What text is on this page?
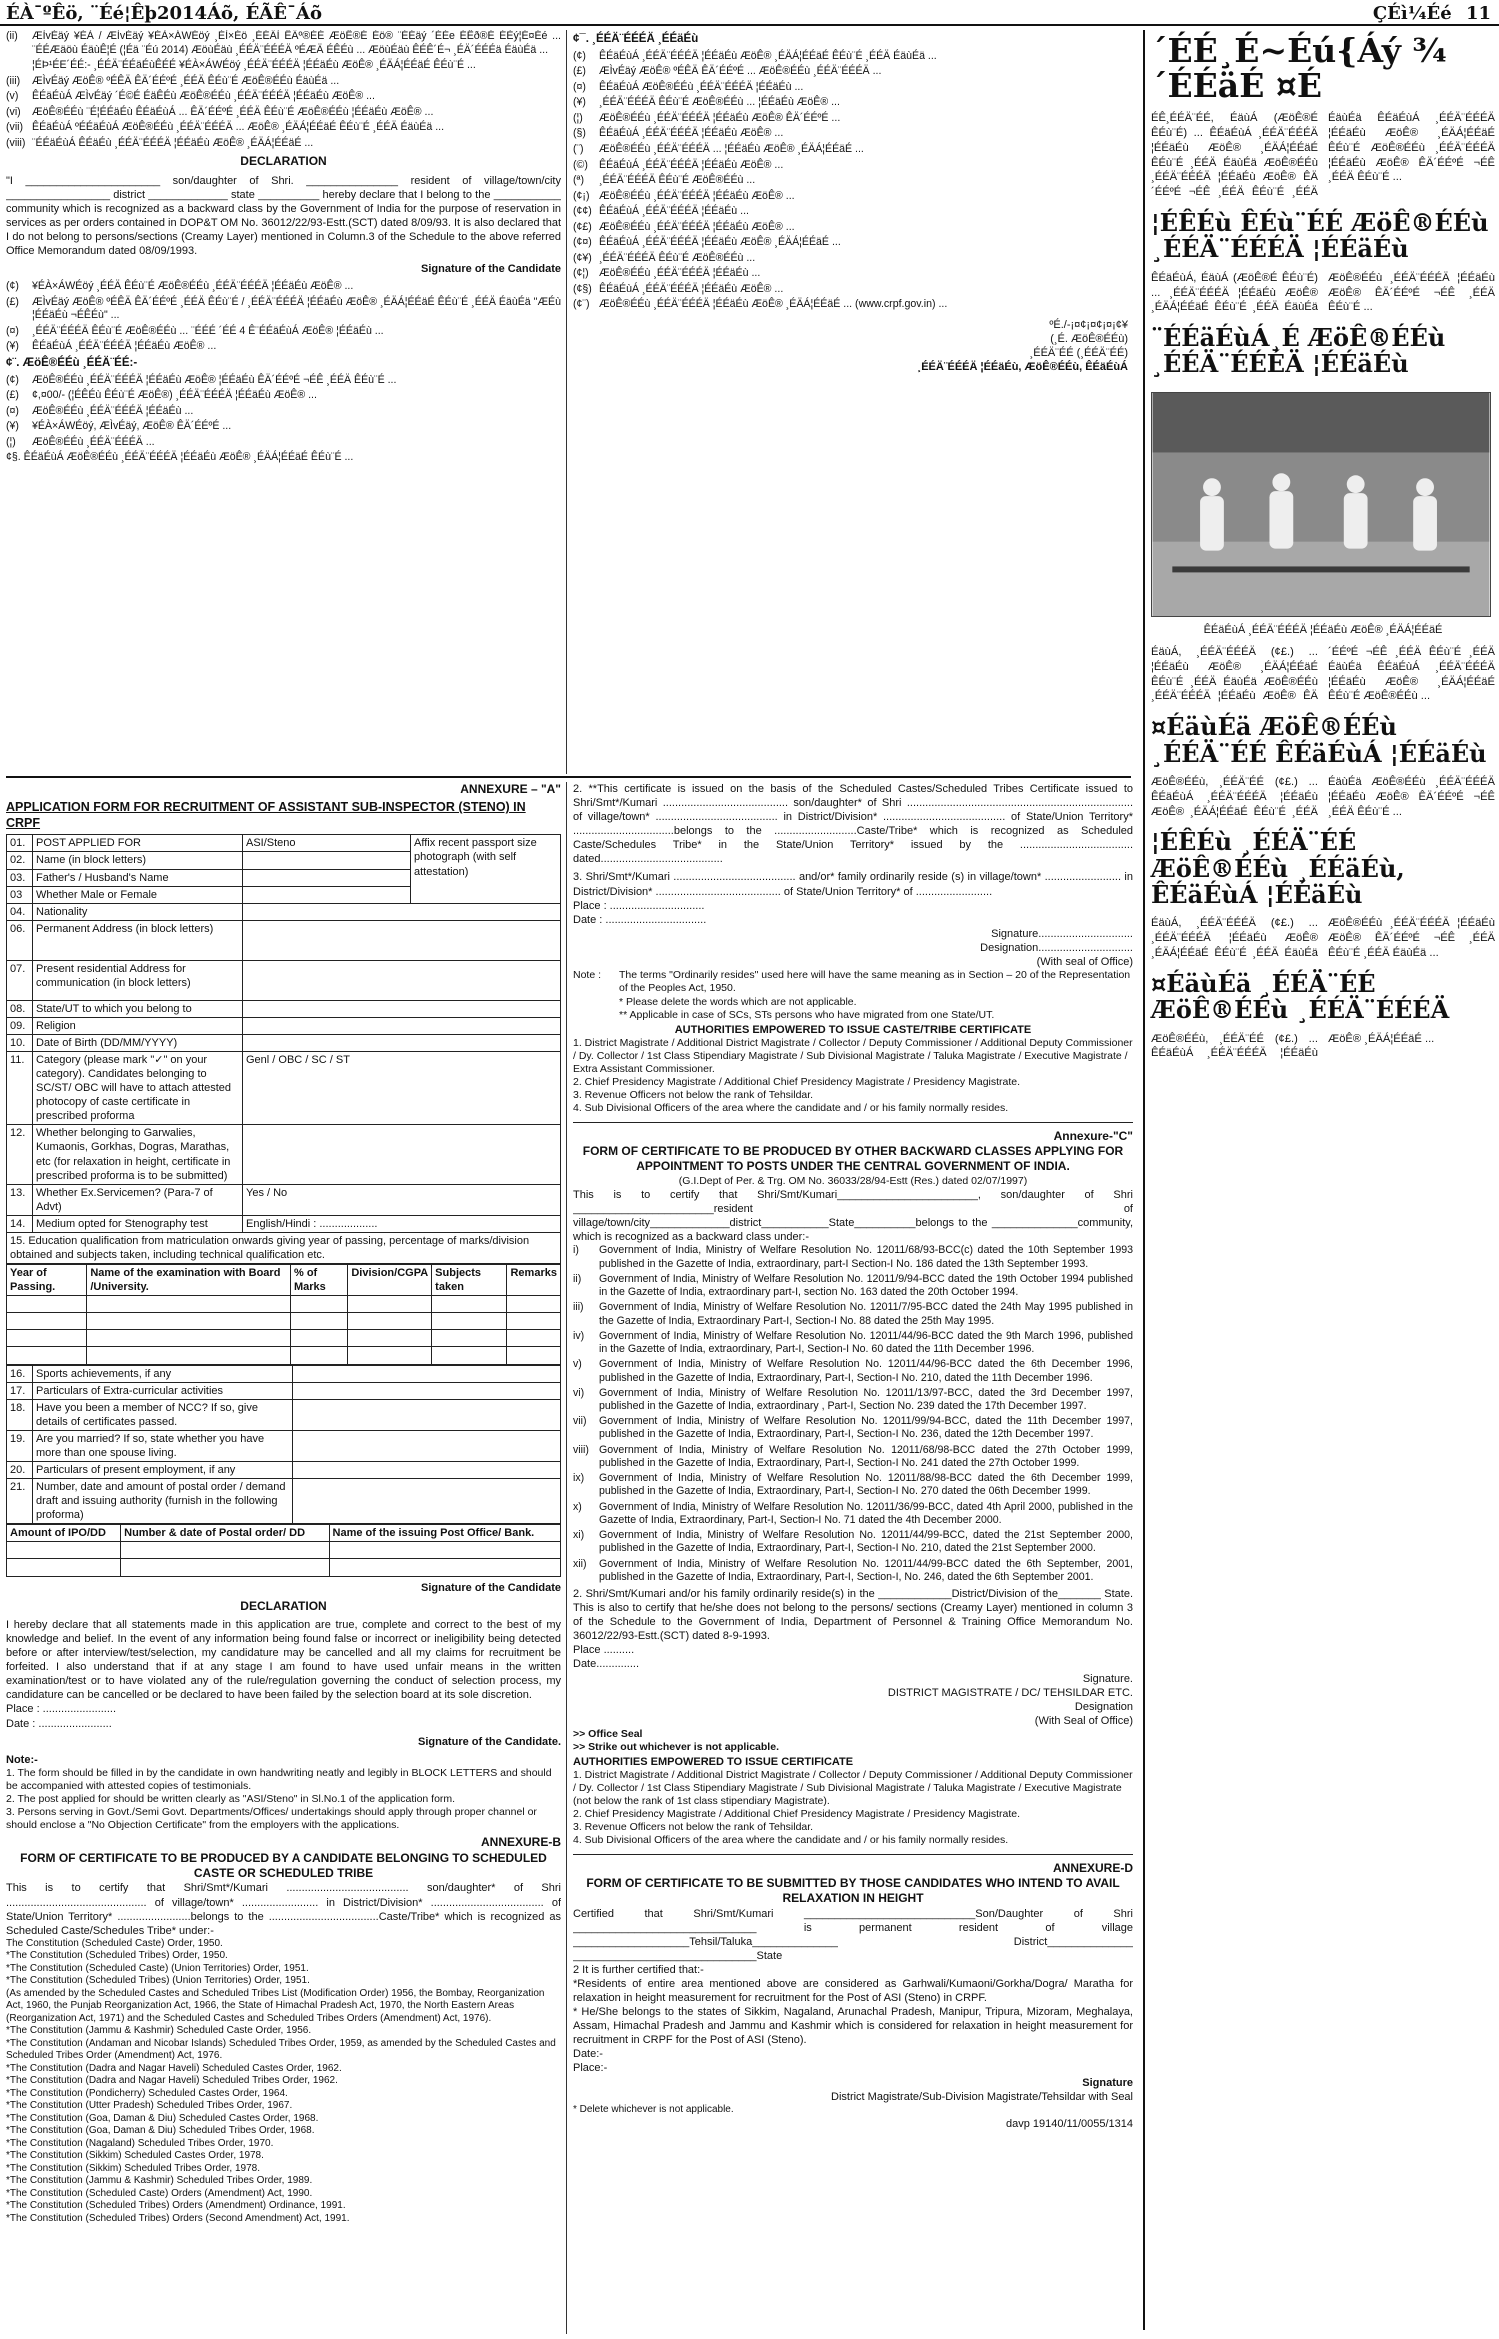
ÉÀ¯ºÊö, ¨Éé¦Êþ2014Áõ, ÉÃÊ¯Áõ	ÇÉì¼Éé 11
(ii)	ÆÌvÉäý ¥ÉÀ / ÆÌvÉäý ¥ÉÀ×ÁWÉöý ¸ÉÌ×Éö ¸ÉÉÄÌ ÊÄº®ÉÉ ÆöÊ®É Éö® ¨ÉÉäý ´ÉÉe ÉÊð®É ÉÈý¦É¤Éé ... ¨ÉÉÆäöù ÉäùÊ¦É (¦Éä ¨Éú 2014) ÆöùÉäù ¸ÉÉÄ¨ÉÉÉÄ ºÉÆÄ ÉÊÉù ... ÆöùÉäù ÊÉÊ´É¬ ¸ÉÄ´ÉÉÉä ÉäùÉä ...
¦ÉÞ¹ÉE´ÉÉ:- ¸ÉÉÄ¨ÉÉäÉùÊÉÉ ¥ÉÀ×ÁWÉöý ¸ÉÉÄ¨ÉÉÉÄ ¦ÉÉäÉù ÆöÊ® ¸ÉÄÁ¦ÉÉäÉ ÊÉù¨É ...
(iii)	ÆÌvÉäý ÆöÊ® ºÉÊÄ ÊÄ´ÉÉºÉ ¸ÉÉÄ ÊÉù¨É ÆöÊ®ÉÉù ÉäùÉä ...
(v)	ÊÉäÉùÁ ÆÌvÉäý ´É©É ÉäÊÉù ÆöÊ®ÉÉù ¸ÉÉÄ¨ÉÉÉÄ ¦ÉÉäÉù ÆöÊ® ...
(vi)	ÆöÊ®ÉÉù ¨É¦ÉÉäÉù ÊÉäÉùÁ ... ÊÄ´ÉÉºÉ ¸ÉÉÄ ÊÉù¨É ÆöÊ®ÉÉù ¦ÉÉäÉù ÆöÊ® ...
(vii) ÊÉäÉùÁ ºÉÉäÉùÁ ÆöÊ®ÉÉù ¸ÉÉÄ¨ÉÉÉÄ ... ÆöÊ® ¸ÉÄÁ¦ÉÉäÉ ÊÉù¨É ¸ÉÉÄ ÉäùÉä ...
(viii) ¨ÉÉäÉùÁ ÊÉäÉù ¸ÉÉÄ¨ÉÉÉÄ ¦ÉÉäÉù ÆöÊ® ¸ÉÄÁ¦ÉÉäÉ ...
DECLARATION
"I ______________________ son/daughter of Shri. _______________ resident of village/town/city _________________ district _____________ state __________ hereby declare that I belong to the ___________ community which is recognized as a backward class by the Government of India for the purpose of reservation in services as per orders contained in DOP&T OM No. 36012/22/93-Estt.(SCT) dated 8/09/93. It is also declared that I do not belong to persons/sections (Creamy Layer) mentioned in Column.3 of the Schedule to the above referred Office Memorandum dated 08/09/1993.
Signature of the Candidate
(¢)	¥ÉÀ×ÁWÉöý ¸ÉÉÄ ÊÉù¨É ÆöÊ®ÉÉù ¸ÉÉÄ¨ÉÉÉÄ ¦ÉÉäÉù ÆöÊ® ...
(£)	ÆÌvÉäý ÆöÊ® ºÉÊÄ ÊÄ´ÉÉºÉ ¸ÉÉÄ ÊÉù¨É / ¸ÉÉÄ¨ÉÉÉÄ ¦ÉÉäÉù ÆöÊ® ¸ÉÄÁ¦ÉÉäÉ ÊÉù¨É ¸ÉÉÄ ÉäùÉä "ÆÉù ¦ÉÉäÉù ¬ÉÊÉù" ...
(¤)	¸ÉÉÄ¨ÉÉÉÄ ÊÉù¨É ÆöÊ®ÉÉù ... ¨ÉÉÉ ´ÉÉ 4 Ê¨ÉÉäÉùÁ ÆöÊ® ¦ÉÉäÉù ...
(¥)	ÊÉäÉùÁ ¸ÉÉÄ¨ÉÉÉÄ ¦ÉÉäÉù ÆöÊ® ...
¢¨. ÆöÊ®ÉÉù ¸ÉÉÄ¨ÉÉ:-
(¢)	ÆöÊ®ÉÉù ¸ÉÉÄ¨ÉÉÉÄ ¦ÉÉäÉù ÆöÊ® ¦ÉÉäÉù ÊÄ´ÉÉºÉ ¬ÉÊ ¸ÉÉÄ ÊÉù¨É ...
(£)	¢,¤00/- (¦ÉÊÉù ÊÉù¨É ÆöÊ®) ¸ÉÉÄ¨ÉÉÉÄ ¦ÉÉäÉù ÆöÊ® ...
(¤)	ÆöÊ®ÉÉù ¸ÉÉÄ¨ÉÉÉÄ ¦ÉÉäÉù ...
(¥)	¥ÉÀ×ÁWÉöý, ÆÌvÉäý, ÆöÊ® ÊÄ´ÉÉºÉ ...
(¦)	ÆöÊ®ÉÉù ¸ÉÉÄ¨ÉÉÉÄ ...
¢§. ÊÉäÉùÁ ÆöÊ®ÉÉù ¸ÉÉÄ¨ÉÉÉÄ ¦ÉÉäÉù ÆöÊ® ¸ÉÄÁ¦ÉÉäÉ ÊÉù¨É ...
¢¯. ¸ÉÉÄ¨ÉÉÉÄ ¸ÉÉäÉù
(¢)	ÊÉäÉùÁ ¸ÉÉÄ¨ÉÉÉÄ ¦ÉÉäÉù ÆöÊ® ¸ÉÄÁ¦ÉÉäÉ ÊÉù¨É ¸ÉÉÄ ÉäùÉä ...
(£)	ÆÌvÉäý ÆöÊ® ºÉÊÄ ÊÄ´ÉÉºÉ ... ÆöÊ®ÉÉù ¸ÉÉÄ¨ÉÉÉÄ ...
(¤)	ÊÉäÉùÁ ÆöÊ®ÉÉù ¸ÉÉÄ¨ÉÉÉÄ ¦ÉÉäÉù ...
(¥)	¸ÉÉÄ¨ÉÉÉÄ ÊÉù¨É ÆöÊ®ÉÉù ... ¦ÉÉäÉù ÆöÊ® ...
(¦)	ÆöÊ®ÉÉù ¸ÉÉÄ¨ÉÉÉÄ ¦ÉÉäÉù ÆöÊ® ÊÄ´ÉÉºÉ ...
(§)	ÊÉäÉùÁ ¸ÉÉÄ¨ÉÉÉÄ ¦ÉÉäÉù ÆöÊ® ...
(¨)	ÆöÊ®ÉÉù ¸ÉÉÄ¨ÉÉÉÄ ... ¦ÉÉäÉù ÆöÊ® ¸ÉÄÁ¦ÉÉäÉ ...
(©)	ÊÉäÉùÁ ¸ÉÉÄ¨ÉÉÉÄ ¦ÉÉäÉù ÆöÊ® ...
(ª)	¸ÉÉÄ¨ÉÉÉÄ ÊÉù¨É ÆöÊ®ÉÉù ...
(¢¡) ÆöÊ®ÉÉù ¸ÉÉÄ¨ÉÉÉÄ ¦ÉÉäÉù ÆöÊ® ...
(¢¢) ÊÉäÉùÁ ¸ÉÉÄ¨ÉÉÉÄ ¦ÉÉäÉù ...
(¢£) ÆöÊ®ÉÉù ¸ÉÉÄ¨ÉÉÉÄ ¦ÉÉäÉù ÆöÊ® ...
(¢¤) ÊÉäÉùÁ ¸ÉÉÄ¨ÉÉÉÄ ¦ÉÉäÉù ÆöÊ® ¸ÉÄÁ¦ÉÉäÉ ...
(¢¥) ¸ÉÉÄ¨ÉÉÉÄ ÊÉù¨É ÆöÊ®ÉÉù ...
(¢¦) ÆöÊ®ÉÉù ¸ÉÉÄ¨ÉÉÉÄ ¦ÉÉäÉù ...
(¢§) ÊÉäÉùÁ ¸ÉÉÄ¨ÉÉÉÄ ¦ÉÉäÉù ÆöÊ® ...
(¢¨) ÆöÊ®ÉÉù ¸ÉÉÄ¨ÉÉÉÄ ¦ÉÉäÉù ÆöÊ® ¸ÉÄÁ¦ÉÉäÉ ... (www.crpf.gov.in) ...
ºÉ./-¡¤¢¡¤¢¡¤¡¢¥
(¸É. ÆöÊ®ÉÉù)
¸ÉÉÄ¨ÉÉ (¸ÉÉÄ¨ÉÉ)
¸ÉÉÄ¨ÉÉÉÄ ¦ÉÉäÉù, ÆöÊ®ÉÉù, ÊÉäÉùÁ
ANNEXURE – "A"
APPLICATION FORM FOR RECRUITMENT OF ASSISTANT SUB-INSPECTOR (STENO) IN CRPF
01.	POST APPLIED FOR	ASI/Steno	Affix recent passport size photograph (with self attestation)
02.	Name (in block letters)		
03.	Father's / Husband's Name		
03	Whether Male or Female		
04.	Nationality		
06.	Permanent Address (in block letters)		
07.	Present residential Address for communication (in block letters)		
08.	State/UT to which you belong to		
09.	Religion		
10.	Date of Birth (DD/MM/YYYY)		
11.	Category (please mark "✓" on your category). Candidates belonging to SC/ST/ OBC will have to attach attested photocopy of caste certificate in prescribed proforma	Genl / OBC / SC / ST	
12.	Whether belonging to Garwalies, Kumaonis, Gorkhas, Dogras, Marathas, etc (for relaxation in height, certificate in prescribed proforma is to be submitted)		
13.	Whether Ex.Servicemen? (Para-7 of Advt)	Yes / No	
14.	Medium opted for Stenography test	English/Hindi : ...................	
15. Education qualification from matriculation onwards giving year of passing, percentage of marks/division obtained and subjects taken, including technical qualification etc.
Year of Passing.	Name of the examination with Board /University.	% of Marks	Division/CGPA	Subjects taken	Remarks

16.	Sports achievements, if any	
17.	Particulars of Extra-curricular activities	
18.	Have you been a member of NCC? If so, give details of certificates passed.	
19.	Are you married? If so, state whether you have more than one spouse living.	
20.	Particulars of present employment, if any	
21.	Number, date and amount of postal order / demand draft and issuing authority (furnish in the following proforma)	
Amount of IPO/DD	Number & date of Postal order/ DD	Name of the issuing Post Office/ Bank.

Signature of the Candidate
DECLARATION
I hereby declare that all statements made in this application are true, complete and correct to the best of my knowledge and belief. In the event of any information being found false or incorrect or ineligibility being detected before or after interview/test/selection, my candidature may be cancelled and all my claims for recruitment be forfeited. I also understand that if at any stage I am found to have used unfair means in the written examination/test or to have violated any of the rule/regulation governing the conduct of selection process, my candidature can be cancelled or be declared to have been failed by the selection board at its sole discretion.
Place : ........................
Date : ........................
Signature of the Candidate.
Note:-
1. The form should be filled in by the candidate in own handwriting neatly and legibly in BLOCK LETTERS and should be accompanied with attested copies of testimonials.
2. The post applied for should be written clearly as "ASI/Steno" in Sl.No.1 of the application form.
3. Persons serving in Govt./Semi Govt. Departments/Offices/ undertakings should apply through proper channel or should enclose a "No Objection Certificate" from the employers with the applications.
ANNEXURE-B
FORM OF CERTIFICATE TO BE PRODUCED BY A CANDIDATE BELONGING TO SCHEDULED CASTE OR SCHEDULED TRIBE
This is to certify that Shri/Smt*/Kumari ........................................ son/daughter* of Shri .............................................. of village/town* ......................... in District/Division* ..................................... of State/Union Territory* ........................belongs to the ....................................Caste/Tribe* which is recognized as Scheduled Caste/Schedules Tribe* under:-
The Constitution (Scheduled Caste) Order, 1950.
*The Constitution (Scheduled Tribes) Order, 1950.
*The Constitution (Scheduled Caste) (Union Territories) Order, 1951.
*The Constitution (Scheduled Tribes) (Union Territories) Order, 1951.
(As amended by the Scheduled Castes and Scheduled Tribes List (Modification Order) 1956, the Bombay, Reorganization Act, 1960, the Punjab Reorganization Act, 1966, the State of Himachal Pradesh Act, 1970, the North Eastern Areas (Reorganization Act, 1971) and the Scheduled Castes and Scheduled Tribes Orders (Amendment) Act, 1976).
*The Constitution (Jammu & Kashmir) Scheduled Caste Order, 1956.
*The Constitution (Andaman and Nicobar Islands) Scheduled Tribes Order, 1959, as amended by the Scheduled Castes and Scheduled Tribes Order (Amendment) Act, 1976.
*The Constitution (Dadra and Nagar Haveli) Scheduled Castes Order, 1962.
*The Constitution (Dadra and Nagar Haveli) Scheduled Tribes Order, 1962.
*The Constitution (Pondicherry) Scheduled Castes Order, 1964.
*The Constitution (Utter Pradesh) Scheduled Tribes Order, 1967.
*The Constitution (Goa, Daman & Diu) Scheduled Castes Order, 1968.
*The Constitution (Goa, Daman & Diu) Scheduled Tribes Order, 1968.
*The Constitution (Nagaland) Scheduled Tribes Order, 1970.
*The Constitution (Sikkim) Scheduled Castes Order, 1978.
*The Constitution (Sikkim) Scheduled Tribes Order, 1978.
*The Constitution (Jammu & Kashmir) Scheduled Tribes Order, 1989.
*The Constitution (Scheduled Caste) Orders (Amendment) Act, 1990.
*The Constitution (Scheduled Tribes) Orders (Amendment) Ordinance, 1991.
*The Constitution (Scheduled Tribes) Orders (Second Amendment) Act, 1991.
2. **This certificate is issued on the basis of the Scheduled Castes/Scheduled Tribes Certificate issued to Shri/Smt*/Kumari ......................................... son/daughter* of Shri .......................................................................... of village/town* ........................................ in District/Division* ........................................ of State/Union Territory* .................................belongs to the ...........................Caste/Tribe* which is recognized as Scheduled Caste/Schedules Tribe* in the State/Union Territory* issued by the ..................................... dated........................................
3. Shri/Smt*/Kumari ........................................ and/or* family ordinarily reside (s) in village/town* ......................... in District/Division* ......................................... of State/Union Territory* of .........................
Place : ...............................
Date : .................................
Signature...............................
Designation...............................
(With seal of Office)
Note :	The terms "Ordinarily resides" used here will have the same meaning as in Section – 20 of the Representation of the Peoples Act, 1950.
* Please delete the words which are not applicable.
** Applicable in case of SCs, STs persons who have migrated from one State/UT.
AUTHORITIES EMPOWERED TO ISSUE CASTE/TRIBE CERTIFICATE
1. District Magistrate / Additional District Magistrate / Collector / Deputy Commissioner / Additional Deputy Commissioner / Dy. Collector / 1st Class Stipendiary Magistrate / Sub Divisional Magistrate / Taluka Magistrate / Executive Magistrate / Extra Assistant Commissioner.
2. Chief Presidency Magistrate / Additional Chief Presidency Magistrate / Presidency Magistrate.
3. Revenue Officers not below the rank of Tehsildar.
4. Sub Divisional Officers of the area where the candidate and / or his family normally resides.
Annexure-"C"
FORM OF CERTIFICATE TO BE PRODUCED BY OTHER BACKWARD CLASSES APPLYING FOR APPOINTMENT TO POSTS UNDER THE CENTRAL GOVERNMENT OF INDIA.
(G.I.Dept of Per. & Trg. OM No. 36033/28/94-Estt (Res.) dated 02/07/1997)
This is to certify that Shri/Smt/Kumari_______________________, son/daughter of Shri _______________________resident of village/town/city_____________district___________State__________belongs to the ______________community, which is recognized as a backward class under:-
i)	Government of India, Ministry of Welfare Resolution No. 12011/68/93-BCC(c) dated the 10th September 1993 published in the Gazette of India, extraordinary, part-I Section-I No. 186 dated the 13th September 1993.
ii)	Government of India, Ministry of Welfare Resolution No. 12011/9/94-BCC dated the 19th October 1994 published in the Gazette of India, extraordinary part-I, section No. 163 dated the 20th October 1994.
iii)	Government of India, Ministry of Welfare Resolution No. 12011/7/95-BCC dated the 24th May 1995 published in the Gazette of India, Extraordinary Part-I, Section-I No. 88 dated the 25th May 1995.
iv)	Government of India, Ministry of Welfare Resolution No. 12011/44/96-BCC dated the 9th March 1996, published in the Gazette of India, extraordinary, Part-I, Section-I No. 60 dated the 11th December 1996.
v)	Government of India, Ministry of Welfare Resolution No. 12011/44/96-BCC dated the 6th December 1996, published in the Gazette of India, Extraordinary, Part-I, Section-I No. 210, dated the 11th December 1996.
vi)	Government of India, Ministry of Welfare Resolution No. 12011/13/97-BCC, dated the 3rd December 1997, published in the Gazette of India, extraordinary , Part-I, Section No. 239 dated the 17th December 1997.
vii)	Government of India, Ministry of Welfare Resolution No. 12011/99/94-BCC, dated the 11th December 1997, published in the Gazette of India, Extraordinary, Part-I, Section-I No. 236, dated the 12th December 1997.
viii) Government of India, Ministry of Welfare Resolution No. 12011/68/98-BCC dated the 27th October 1999, published in the Gazette of India, Extraordinary, Part-I, Section-I No. 241 dated the 27th October 1999.
ix)	Government of India, Ministry of Welfare Resolution No. 12011/88/98-BCC dated the 6th December 1999, published in the Gazette of India, Extraordinary, Part-I, Section-I No. 270 dated the 06th December 1999.
x)	Government of India, Ministry of Welfare Resolution No. 12011/36/99-BCC, dated 4th April 2000, published in the Gazette of India, Extraordinary, Part-I, Section-I No. 71 dated the 4th December 2000.
xi)	Government of India, Ministry of Welfare Resolution No. 12011/44/99-BCC, dated the 21st September 2000, published in the Gazette of India, Extraordinary, Part-I, Section-I No. 210, dated the 21st September 2000.
xii)	Government of India, Ministry of Welfare Resolution No. 12011/44/99-BCC dated the 6th September, 2001, published in the Gazette of India, Extraordinary, Part-I, Section-I, No. 246, dated the 6th September 2001.
2. Shri/Smt/Kumari and/or his family ordinarily reside(s) in the ____________District/Division of the_______ State. This is also to certify that he/she does not belong to the persons/ sections (Creamy Layer) mentioned in column 3 of the Schedule to the Government of India, Department of Personnel & Training Office Memorandum No. 36012/22/93-Estt.(SCT) dated 8-9-1993.
Place ..........
Date..............
Signature.
DISTRICT MAGISTRATE / DC/ TEHSILDAR ETC.
Designation
(With Seal of Office)
>> Office Seal
>> Strike out whichever is not applicable.
AUTHORITIES EMPOWERED TO ISSUE CERTIFICATE
1. District Magistrate / Additional District Magistrate / Collector / Deputy Commissioner / Additional Deputy Commissioner / Dy. Collector / 1st Class Stipendiary Magistrate / Sub Divisional Magistrate / Taluka Magistrate / Executive Magistrate (not below the rank of 1st class stipendiary Magistrate).
2. Chief Presidency Magistrate / Additional Chief Presidency Magistrate / Presidency Magistrate.
3. Revenue Officers not below the rank of Tehsildar.
4. Sub Divisional Officers of the area where the candidate and / or his family normally resides.
ANNEXURE-D
FORM OF CERTIFICATE TO BE SUBMITTED BY THOSE CANDIDATES WHO INTEND TO AVAIL RELAXATION IN HEIGHT
Certified that Shri/Smt/Kumari ____________________________Son/Daughter of Shri ______________________________ is permanent resident of village ___________________Tehsil/Taluka______________ District______________ ______________________________State
2 It is further certified that:-
*Residents of entire area mentioned above are considered as Garhwali/Kumaoni/Gorkha/Dogra/ Maratha for relaxation in height measurement for recruitment for the Post of ASI (Steno) in CRPF.
* He/She belongs to the states of Sikkim, Nagaland, Arunachal Pradesh, Manipur, Tripura, Mizoram, Meghalaya, Assam, Himachal Pradesh and Jammu and Kashmir which is considered for relaxation in height measurement for recruitment in CRPF for the Post of ASI (Steno).
Date:-
Place:-
Signature
District Magistrate/Sub-Division Magistrate/Tehsildar with Seal
* Delete whichever is not applicable.
davp 19140/11/0055/1314
´ÉÉ¸É~Éú{Áý ¾´ÉÉäÉ ¤É
ÉÊ¸ÉÉÄ¨ÉÉ, ÉäùÁ (ÆöÊ®É ÊÉù¨É) ... ÊÉäÉùÁ ¸ÉÉÄ¨ÉÉÉÄ ¦ÉÉäÉù ÆöÊ® ¸ÉÄÁ¦ÉÉäÉ ÊÉù¨É ¸ÉÉÄ ÉäùÉä ÆöÊ®ÉÉù ¸ÉÉÄ¨ÉÉÉÄ ¦ÉÉäÉù ÆöÊ® ÊÄ´ÉÉºÉ ¬ÉÊ ¸ÉÉÄ ÊÉù¨É ¸ÉÉÄ ÉäùÉä ÊÉäÉùÁ ¸ÉÉÄ¨ÉÉÉÄ ¦ÉÉäÉù ÆöÊ® ¸ÉÄÁ¦ÉÉäÉ ÊÉù¨É ÆöÊ®ÉÉù ¸ÉÉÄ¨ÉÉÉÄ ¦ÉÉäÉù ÆöÊ® ÊÄ´ÉÉºÉ ¬ÉÊ ¸ÉÉÄ ÊÉù¨É ...
¦ÉÊÉù ÊÉù¨ÉÉ ÆöÊ®ÉÉù ¸ÉÉÄ¨ÉÉÉÄ ¦ÉÉäÉù
ÊÉäÉùÁ, ÉäùÁ (ÆöÊ®É ÊÉù¨É) ... ¸ÉÉÄ¨ÉÉÉÄ ¦ÉÉäÉù ÆöÊ® ¸ÉÄÁ¦ÉÉäÉ ÊÉù¨É ¸ÉÉÄ ÉäùÉä ÆöÊ®ÉÉù ¸ÉÉÄ¨ÉÉÉÄ ¦ÉÉäÉù ÆöÊ® ÊÄ´ÉÉºÉ ¬ÉÊ ¸ÉÉÄ ÊÉù¨É ...
¨ÉÉäÉùÁ¸É ÆöÊ®ÉÉù ¸ÉÉÄ¨ÉÉÉÄ ¦ÉÉäÉù
ÊÉäÉùÁ ¸ÉÉÄ¨ÉÉÉÄ ¦ÉÉäÉù ÆöÊ® ¸ÉÄÁ¦ÉÉäÉ
ÉäùÁ, ¸ÉÉÄ¨ÉÉÉÄ (¢£.) ... ¦ÉÉäÉù ÆöÊ® ¸ÉÄÁ¦ÉÉäÉ ÊÉù¨É ¸ÉÉÄ ÉäùÉä ÆöÊ®ÉÉù ¸ÉÉÄ¨ÉÉÉÄ ¦ÉÉäÉù ÆöÊ® ÊÄ´ÉÉºÉ ¬ÉÊ ¸ÉÉÄ ÊÉù¨É ¸ÉÉÄ ÉäùÉä ÊÉäÉùÁ ¸ÉÉÄ¨ÉÉÉÄ ¦ÉÉäÉù ÆöÊ® ¸ÉÄÁ¦ÉÉäÉ ÊÉù¨É ÆöÊ®ÉÉù ...
¤ÉäùÉä ÆöÊ®ÉÉù ¸ÉÉÄ¨ÉÉ ÊÉäÉùÁ ¦ÉÉäÉù
ÆöÊ®ÉÉù, ¸ÉÉÄ¨ÉÉ (¢£.) ... ÊÉäÉùÁ ¸ÉÉÄ¨ÉÉÉÄ ¦ÉÉäÉù ÆöÊ® ¸ÉÄÁ¦ÉÉäÉ ÊÉù¨É ¸ÉÉÄ ÉäùÉä ÆöÊ®ÉÉù ¸ÉÉÄ¨ÉÉÉÄ ¦ÉÉäÉù ÆöÊ® ÊÄ´ÉÉºÉ ¬ÉÊ ¸ÉÉÄ ÊÉù¨É ...
¦ÉÊÉù ¸ÉÉÄ¨ÉÉ ÆöÊ®ÉÉù ¸ÉÉäÉù, ÊÉäÉùÁ ¦ÉÉäÉù
ÉäùÁ, ¸ÉÉÄ¨ÉÉÉÄ (¢£.) ... ¸ÉÉÄ¨ÉÉÉÄ ¦ÉÉäÉù ÆöÊ® ¸ÉÄÁ¦ÉÉäÉ ÊÉù¨É ¸ÉÉÄ ÉäùÉä ÆöÊ®ÉÉù ¸ÉÉÄ¨ÉÉÉÄ ¦ÉÉäÉù ÆöÊ® ÊÄ´ÉÉºÉ ¬ÉÊ ¸ÉÉÄ ÊÉù¨É ¸ÉÉÄ ÉäùÉä ...
¤ÉäùÉä ¸ÉÉÄ¨ÉÉ ÆöÊ®ÉÉù ¸ÉÉÄ¨ÉÉÉÄ
ÆöÊ®ÉÉù, ¸ÉÉÄ¨ÉÉ (¢£.) ... ÊÉäÉùÁ ¸ÉÉÄ¨ÉÉÉÄ ¦ÉÉäÉù ÆöÊ® ¸ÉÄÁ¦ÉÉäÉ ...
